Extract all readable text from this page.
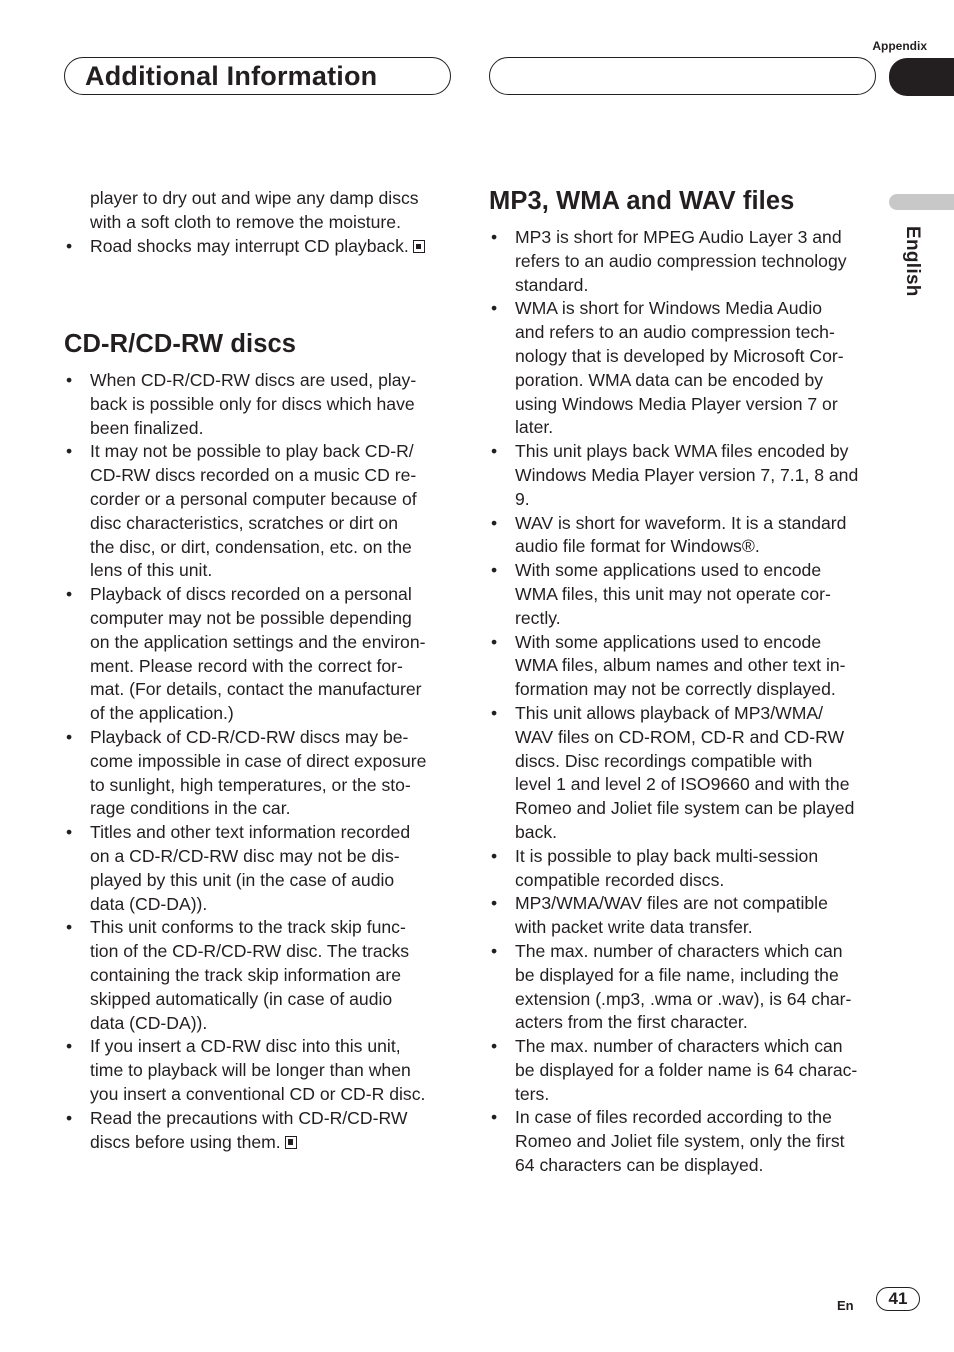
Appendix
Additional Information
English
player to dry out and wipe any damp discs
with a soft cloth to remove the moisture.
•	Road shocks may interrupt CD playback.
CD-R/CD-RW discs
•	When CD-R/CD-RW discs are used, play-
back is possible only for discs which have
been finalized.
•	It may not be possible to play back CD-R/
CD-RW discs recorded on a music CD re-
corder or a personal computer because of
disc characteristics, scratches or dirt on
the disc, or dirt, condensation, etc. on the
lens of this unit.
•	Playback of discs recorded on a personal
computer may not be possible depending
on the application settings and the environ-
ment. Please record with the correct for-
mat. (For details, contact the manufacturer
of the application.)
•	Playback of CD-R/CD-RW discs may be-
come impossible in case of direct exposure
to sunlight, high temperatures, or the sto-
rage conditions in the car.
•	Titles and other text information recorded
on a CD-R/CD-RW disc may not be dis-
played by this unit (in the case of audio
data (CD-DA)).
•	This unit conforms to the track skip func-
tion of the CD-R/CD-RW disc. The tracks
containing the track skip information are
skipped automatically (in case of audio
data (CD-DA)).
•	If you insert a CD-RW disc into this unit,
time to playback will be longer than when
you insert a conventional CD or CD-R disc.
•	Read the precautions with CD-R/CD-RW
discs before using them.
MP3, WMA and WAV files
•	MP3 is short for MPEG Audio Layer 3 and
refers to an audio compression technology
standard.
•	WMA is short for Windows Media Audio
and refers to an audio compression tech-
nology that is developed by Microsoft Cor-
poration. WMA data can be encoded by
using Windows Media Player version 7 or
later.
•	This unit plays back WMA files encoded by
Windows Media Player version 7, 7.1, 8 and
9.
•	WAV is short for waveform. It is a standard
audio file format for Windows®.
•	With some applications used to encode
WMA files, this unit may not operate cor-
rectly.
•	With some applications used to encode
WMA files, album names and other text in-
formation may not be correctly displayed.
•	This unit allows playback of MP3/WMA/
WAV files on CD-ROM, CD-R and CD-RW
discs. Disc recordings compatible with
level 1 and level 2 of ISO9660 and with the
Romeo and Joliet file system can be played
back.
•	It is possible to play back multi-session
compatible recorded discs.
•	MP3/WMA/WAV files are not compatible
with packet write data transfer.
•	The max. number of characters which can
be displayed for a file name, including the
extension (.mp3, .wma or .wav), is 64 char-
acters from the first character.
•	The max. number of characters which can
be displayed for a folder name is 64 charac-
ters.
•	In case of files recorded according to the
Romeo and Joliet file system, only the first
64 characters can be displayed.
En	41
